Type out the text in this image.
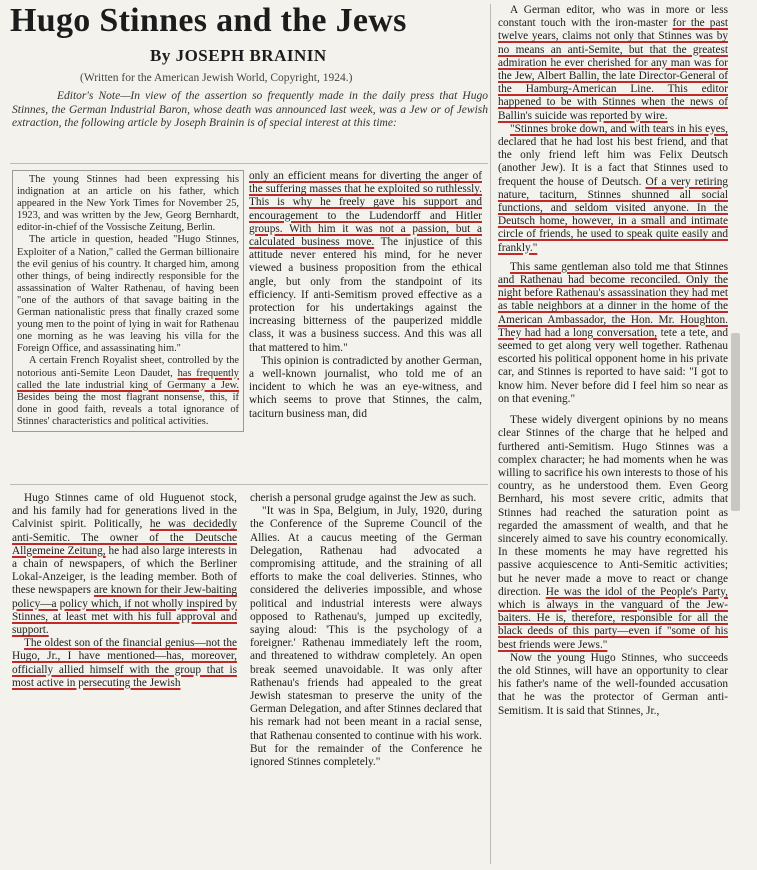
Hugo Stinnes and the Jews
By JOSEPH BRAININ
(Written for the American Jewish World, Copyright, 1924.)
Editor's Note—In view of the assertion so frequently made in the daily press that Hugo Stinnes, the German Industrial Baron, whose death was announced last week, was a Jew or of Jewish extraction, the following article by Joseph Brainin is of special interest at this time:

The young Stinnes had been expressing his indignation at an article on his father, which appeared in the New York Times for November 25, 1923, and was written by the Jew, Georg Bernhardt, editor-in-chief of the Vossische Zeitung, Berlin.

The article in question, headed "Hugo Stinnes, Exploiter of a Nation," called the German billionaire the evil genius of his country. It charged him, among other things, of being indirectly responsible for the assassination of Walter Rathenau, of having been "one of the authors of that savage baiting in the German nationalistic press that finally crazed some young men to the point of lying in wait for Rathenau one morning as he was leaving his villa for the Foreign Office, and assassinating him."

A certain French Royalist sheet, controlled by the notorious anti-Semite Leon Daudet, has frequently called the late industrial king of Germany a Jew. Besides being the most flagrant nonsense, this, if done in good faith, reveals a total ignorance of Stinnes' characteristics and political activities.

only an efficient means for diverting the anger of the suffering masses that he exploited so ruthlessly. This is why he freely gave his support and encouragement to the Ludendorff and Hitler groups. With him it was not a passion, but a calculated business move. The injustice of this attitude never entered his mind, for he never viewed a business proposition from the ethical angle, but only from the standpoint of its efficiency. If anti-Semitism proved effective as a protection for his undertakings against the increasing bitterness of the pauperized middle class, it was a business success. And this was all that mattered to him."

This opinion is contradicted by another German, a well-known journalist, who told me of an incident to which he was an eye-witness, and which seems to prove that Stinnes, the calm, taciturn business man, did

Hugo Stinnes came of old Huguenot stock, and his family had for generations lived in the Calvinist spirit. Politically, he was decidedly anti-Semitic. The owner of the Deutsche Allgemeine Zeitung, he had also large interests in a chain of newspapers, of which the Berliner Lokal-Anzeiger, is the leading member. Both of these newspapers are known for their Jew-baiting policy—a policy which, if not wholly inspired by Stinnes, at least met with his full approval and support.

The oldest son of the financial genius—not the Hugo, Jr., I have mentioned—has, moreover, officially allied himself with the group that is most active in persecuting the Jewish

cherish a personal grudge against the Jew as such.

"It was in Spa, Belgium, in July, 1920, during the Conference of the Supreme Council of the Allies. At a caucus meeting of the German Delegation, Rathenau had advocated a compromising attitude, and the straining of all efforts to make the coal deliveries. Stinnes, who considered the deliveries impossible, and whose political and industrial interests were always opposed to Rathenau's, jumped up excitedly, saying aloud: 'This is the psychology of a foreigner.' Rathenau immediately left the room, and threatened to withdraw completely. An open break seemed unavoidable. It was only after Rathenau's friends had appealed to the great Jewish statesman to preserve the unity of the German Delegation, and after Stinnes declared that his remark had not been meant in a racial sense, that Rathenau consented to continue with his work. But for the remainder of the Conference he ignored Stinnes completely."

A German editor, who was in more or less constant touch with the iron-master for the past twelve years, claims not only that Stinnes was by no means an anti-Semite, but that the greatest admiration he ever cherished for any man was for the Jew, Albert Ballin, the late Director-General of the Hamburg-American Line. This editor happened to be with Stinnes when the news of Ballin's suicide was reported by wire.

"Stinnes broke down, and with tears in his eyes, declared that he had lost his best friend, and that the only friend left him was Felix Deutsch (another Jew). It is a fact that Stinnes used to frequent the house of Deutsch. Of a very retiring nature, taciturn, Stinnes shunned all social functions, and seldom visited anyone. In the Deutsch home, however, in a small and intimate circle of friends, he used to speak quite easily and frankly."

This same gentleman also told me that Stinnes and Rathenau had become reconciled. Only the night before Rathenau's assassination they had met as table neighbors at a dinner in the home of the American Ambassador, the Hon. Mr. Houghton. They had had a long conversation, tete a tete, and seemed to get along very well together. Rathenau escorted his political opponent home in his private car, and Stinnes is reported to have said: "I got to know him. Never before did I feel him so near as on that evening."

These widely divergent opinions by no means clear Stinnes of the charge that he helped and furthered anti-Semitism. Hugo Stinnes was a complex character; he had moments when he was willing to sacrifice his own interests to those of his country, as he understood them. Even Georg Bernhard, his most severe critic, admits that Stinnes had reached the saturation point as regarded the amassment of wealth, and that he sincerely aimed to save his country economically. In these moments he may have regretted his passive acquiescence to Anti-Semitic activities; but he never made a move to react or change direction. He was the idol of the People's Party, which is always in the vanguard of the Jew-baiters. He is, therefore, responsible for all the black deeds of this party—even if "some of his best friends were Jews."

Now the young Hugo Stinnes, who succeeds the old Stinnes, will have an opportunity to clear his father's name of the well-founded accusation that he was the protector of German anti-Semitism. It is said that Stinnes, Jr.,
